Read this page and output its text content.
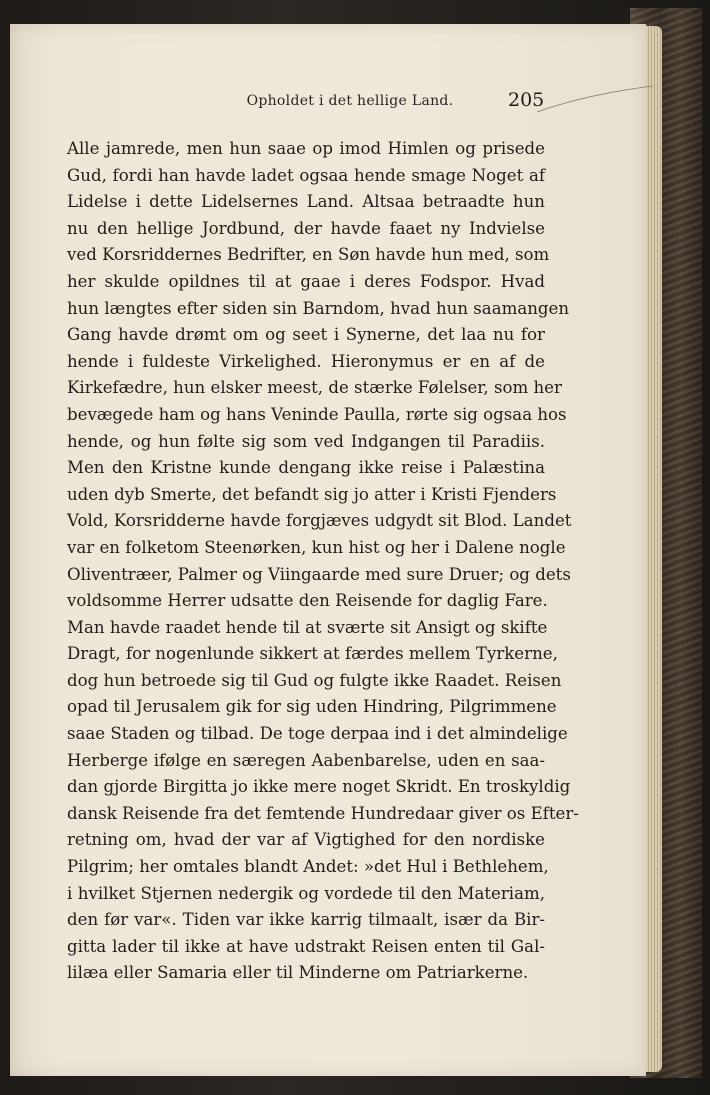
Opholdet i det hellige Land.	205
Alle jamrede, men hun saae op imod Himlen og prisede
Gud, fordi han havde ladet ogsaa hende smage Noget af
Lidelse i dette Lidelsernes Land. Altsaa betraadte hun
nu den hellige Jordbund, der havde faaet ny Indvielse
ved Korsriddernes Bedrifter, en Søn havde hun med, som
her skulde opildnes til at gaae i deres Fodspor. Hvad
hun længtes efter siden sin Barndom, hvad hun saamangen
Gang havde drømt om og seet i Synerne, det laa nu for
hende i fuldeste Virkelighed. Hieronymus er en af de
Kirkefædre, hun elsker meest, de stærke Følelser, som her
bevægede ham og hans Veninde Paulla, rørte sig ogsaa hos
hende, og hun følte sig som ved Indgangen til Paradiis.
Men den Kristne kunde dengang ikke reise i Palæstina
uden dyb Smerte, det befandt sig jo atter i Kristi Fjenders
Vold, Korsridderne havde forgjæves udgydt sit Blod. Landet
var en folketom Steenørken, kun hist og her i Dalene nogle
Oliventræer, Palmer og Viingaarde med sure Druer; og dets
voldsomme Herrer udsatte den Reisende for daglig Fare.
Man havde raadet hende til at sværte sit Ansigt og skifte
Dragt, for nogenlunde sikkert at færdes mellem Tyrkerne,
dog hun betroede sig til Gud og fulgte ikke Raadet. Reisen
opad til Jerusalem gik for sig uden Hindring, Pilgrimmene
saae Staden og tilbad. De toge derpaa ind i det almindelige
Herberge ifølge en særegen Aabenbarelse, uden en saa-
dan gjorde Birgitta jo ikke mere noget Skridt. En troskyldig
dansk Reisende fra det femtende Hundredaar giver os Efter-
retning om, hvad der var af Vigtighed for den nordiske
Pilgrim; her omtales blandt Andet: »det Hul i Bethlehem,
i hvilket Stjernen nedergik og vordede til den Materiam,
den før var«. Tiden var ikke karrig tilmaalt, især da Bir-
gitta lader til ikke at have udstrakt Reisen enten til Gal-
lilæa eller Samaria eller til Minderne om Patriarkerne.
